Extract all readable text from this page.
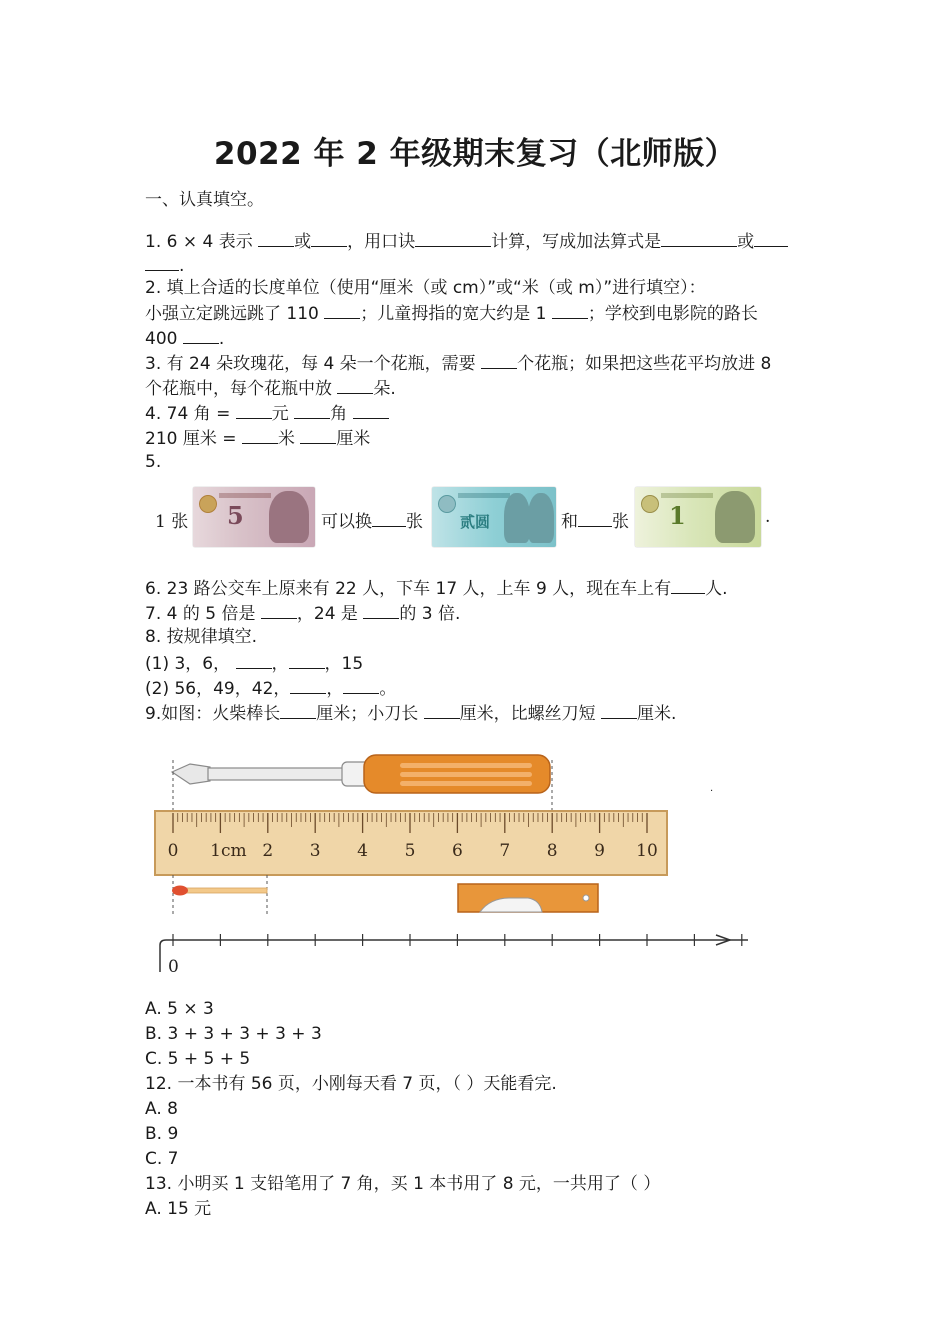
2022 年 2 年级期末复习（北师版）
一、认真填空。
1. 6 × 4 表示 或 ，用口诀	计算，写成加法算式是	或
.
2. 填上合适的长度单位（使用“厘米（或 cm）”或“米（或 m）”进行填空）：
小强立定跳远跳了 110 ；儿童拇指的宽大约是 1 ；学校到电影院的路长
400 .
3. 有 24 朵玫瑰花，每 4 朵一个花瓶，需要 个花瓶；如果把这些花平均放进 8
个花瓶中，每个花瓶中放 朵.
4. 74 角 = 元 角
210 厘米 = 米 厘米
5.
1 张 5	可以换 张 贰圆	和 张 1	.
6. 23 路公交车上原来有 22 人，下车 17 人，上车 9 人，现在车上有 人.
7. 4 的 5 倍是 ，24 是 的 3 倍.
8. 按规律填空.
(1) 3，6， ， ，15
(2) 56，49，42， ， 。
9.如图：火柴棒长 厘米；小刀长 厘米，比螺丝刀短 厘米.
0 1cm 2 3 4 5 6 7 8 9 10
0
.
A. 5 × 3
B. 3 + 3 + 3 + 3 + 3
C. 5 + 5 + 5
12. 一本书有 56 页，小刚每天看 7 页，（ ）天能看完.
A. 8
B. 9
C. 7
13. 小明买 1 支铅笔用了 7 角，买 1 本书用了 8 元，一共用了（ ）
A. 15 元
